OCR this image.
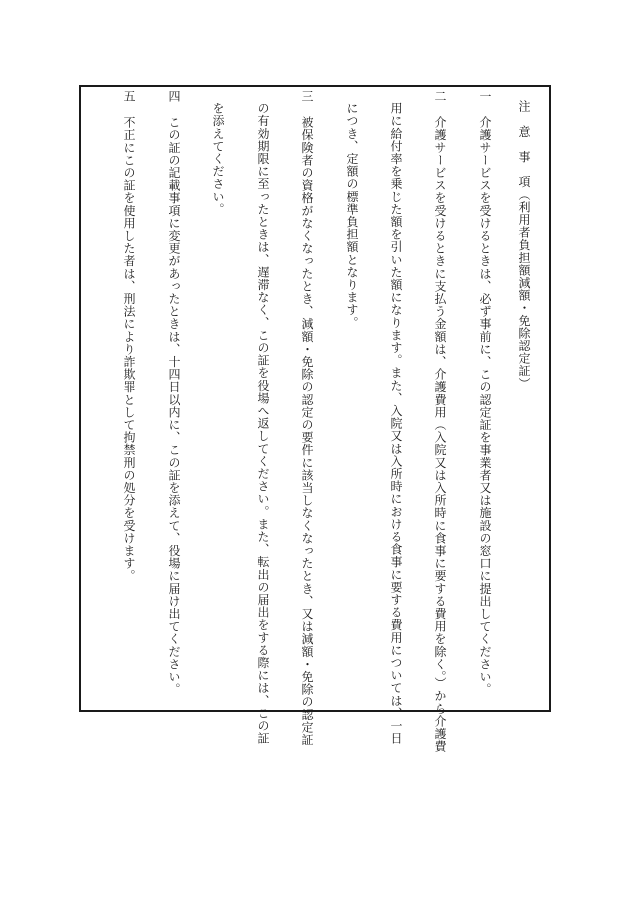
注　意　事　項（利用者負担額減額・免除認定証）
一
介護サービスを受けるときは、必ず事前に、この認定証を事業者又は施設の窓口に提出してください。
二
介護サービスを受けるときに支払う金額は、介護費用（入院又は入所時に食事に要する費用を除く。）から介護費
用に給付率を乗じた額を引いた額になります。また、入院又は入所時における食事に要する費用については、一日
につき、定額の標準負担額となります。
三
被保険者の資格がなくなったとき、減額・免除の認定の要件に該当しなくなったとき、又は減額・免除の認定証
の有効期限に至ったときは、遅滞なく、この証を役場へ返してください。また、転出の届出をする際には、この証
を添えてください。
四
この証の記載事項に変更があったときは、十四日以内に、この証を添えて、役場に届け出てください。
五
不正にこの証を使用した者は、刑法により詐欺罪として拘禁刑の処分を受けます。
